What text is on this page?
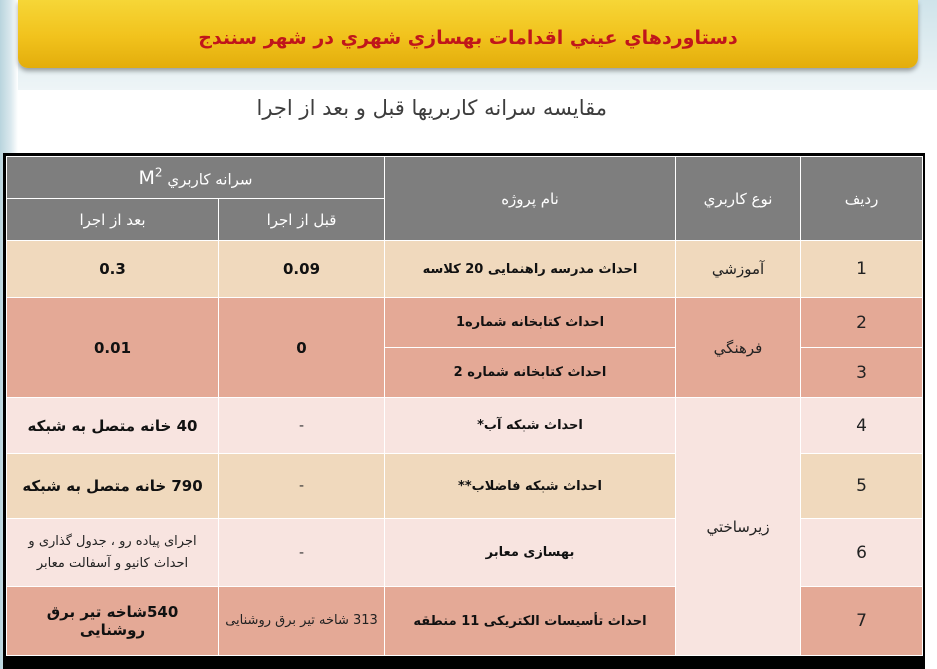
دستاوردهاي عيني اقدامات بهسازي شهري در شهر سنندج
مقايسه سرانه کاربريها قبل و بعد از اجرا
رديف	نوع کاربري	نام پروژه	سرانه کاربري $M^2$
			قبل از اجرا	بعد از اجرا
1	آموزشي	احداث مدرسه راهنمایی 20 کلاسه	0.09	0.3
2	فرهنگي	احداث کتابخانه شماره1	0	0.01
3		احداث کتابخانه شماره 2		
4	زيرساختي	احداث شبکه آب*	-	40 خانه متصل به شبکه
5		احداث شبکه فاضلاب**	-	790 خانه متصل به شبکه
6		بهسازی معابر	-	اجرای پیاده رو ، جدول گذاری و احداث کانیو و آسفالت معابر
7		احداث تأسیسات الکتریکی 11 منطقه	313 شاخه تیر برق روشنایی	540شاخه تیر برق روشنایی
